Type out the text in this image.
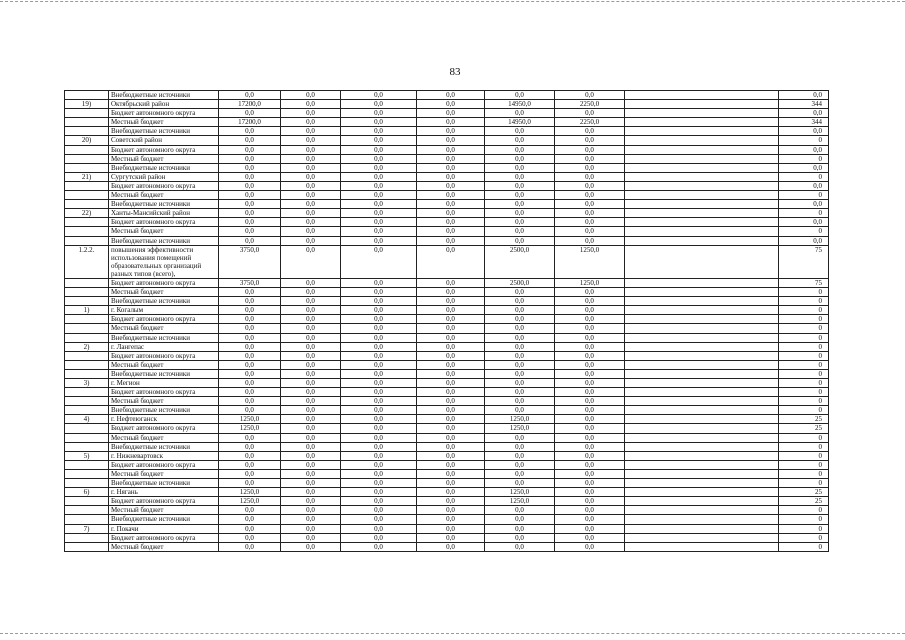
83
	Внебюджетные источники	0,0	0,0	0,0	0,0	0,0	0,0		0,0
19)	Октябрьский район	17200,0	0,0	0,0	0,0	14950,0	2250,0		344
	Бюджет автономного округа	0,0	0,0	0,0	0,0	0,0	0,0		0,0
	Местный бюджет	17200,0	0,0	0,0	0,0	14950,0	2250,0		344
	Внебюджетные источники	0,0	0,0	0,0	0,0	0,0	0,0		0,0
20)	Советский район	0,0	0,0	0,0	0,0	0,0	0,0		0
	Бюджет автономного округа	0,0	0,0	0,0	0,0	0,0	0,0		0,0
	Местный бюджет	0,0	0,0	0,0	0,0	0,0	0,0		0
	Внебюджетные источники	0,0	0,0	0,0	0,0	0,0	0,0		0,0
21)	Сургутский район	0,0	0,0	0,0	0,0	0,0	0,0		0
	Бюджет автономного округа	0,0	0,0	0,0	0,0	0,0	0,0		0,0
	Местный бюджет	0,0	0,0	0,0	0,0	0,0	0,0		0
	Внебюджетные источники	0,0	0,0	0,0	0,0	0,0	0,0		0,0
22)	Ханты-Мансийский район	0,0	0,0	0,0	0,0	0,0	0,0		0
	Бюджет автономного округа	0,0	0,0	0,0	0,0	0,0	0,0		0,0
	Местный бюджет	0,0	0,0	0,0	0,0	0,0	0,0		0
	Внебюджетные источники	0,0	0,0	0,0	0,0	0,0	0,0		0,0
1.2.2.	повышения эффективности использования помещений образовательных организаций разных типов (всего),	3750,0	0,0	0,0	0,0	2500,0	1250,0		75
	Бюджет автономного округа	3750,0	0,0	0,0	0,0	2500,0	1250,0		75
	Местный бюджет	0,0	0,0	0,0	0,0	0,0	0,0		0
	Внебюджетные источники	0,0	0,0	0,0	0,0	0,0	0,0		0
1)	г. Когалым	0,0	0,0	0,0	0,0	0,0	0,0		0
	Бюджет автономного округа	0,0	0,0	0,0	0,0	0,0	0,0		0
	Местный бюджет	0,0	0,0	0,0	0,0	0,0	0,0		0
	Внебюджетные источники	0,0	0,0	0,0	0,0	0,0	0,0		0
2)	г. Лангепас	0,0	0,0	0,0	0,0	0,0	0,0		0
	Бюджет автономного округа	0,0	0,0	0,0	0,0	0,0	0,0		0
	Местный бюджет	0,0	0,0	0,0	0,0	0,0	0,0		0
	Внебюджетные источники	0,0	0,0	0,0	0,0	0,0	0,0		0
3)	г. Мегион	0,0	0,0	0,0	0,0	0,0	0,0		0
	Бюджет автономного округа	0,0	0,0	0,0	0,0	0,0	0,0		0
	Местный бюджет	0,0	0,0	0,0	0,0	0,0	0,0		0
	Внебюджетные источники	0,0	0,0	0,0	0,0	0,0	0,0		0
4)	г. Нефтеюганск	1250,0	0,0	0,0	0,0	1250,0	0,0		25
	Бюджет автономного округа	1250,0	0,0	0,0	0,0	1250,0	0,0		25
	Местный бюджет	0,0	0,0	0,0	0,0	0,0	0,0		0
	Внебюджетные источники	0,0	0,0	0,0	0,0	0,0	0,0		0
5)	г. Нижневартовск	0,0	0,0	0,0	0,0	0,0	0,0		0
	Бюджет автономного округа	0,0	0,0	0,0	0,0	0,0	0,0		0
	Местный бюджет	0,0	0,0	0,0	0,0	0,0	0,0		0
	Внебюджетные источники	0,0	0,0	0,0	0,0	0,0	0,0		0
6)	г. Нягань	1250,0	0,0	0,0	0,0	1250,0	0,0		25
	Бюджет автономного округа	1250,0	0,0	0,0	0,0	1250,0	0,0		25
	Местный бюджет	0,0	0,0	0,0	0,0	0,0	0,0		0
	Внебюджетные источники	0,0	0,0	0,0	0,0	0,0	0,0		0
7)	г. Покачи	0,0	0,0	0,0	0,0	0,0	0,0		0
	Бюджет автономного округа	0,0	0,0	0,0	0,0	0,0	0,0		0
	Местный бюджет	0,0	0,0	0,0	0,0	0,0	0,0		0
